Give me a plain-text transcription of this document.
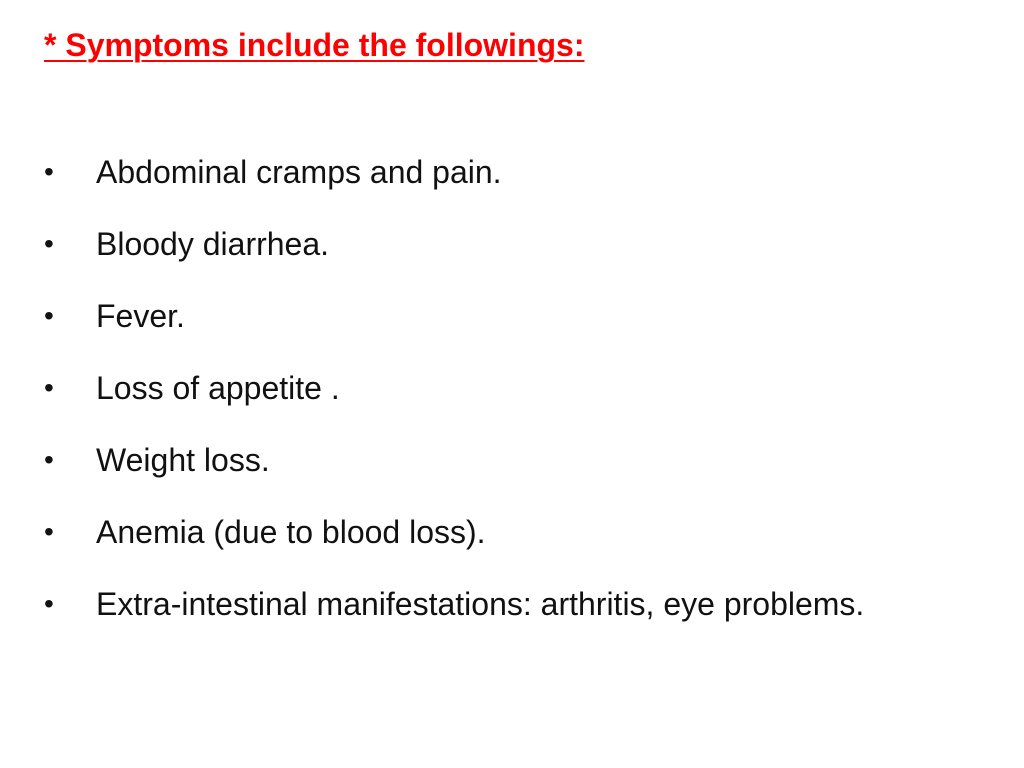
* Symptoms include the followings:
•	Abdominal cramps and pain.
•	Bloody diarrhea.
•	Fever.
•	Loss of appetite .
•	Weight loss.
•	Anemia (due to blood loss).
•	Extra-intestinal manifestations: arthritis, eye problems.
